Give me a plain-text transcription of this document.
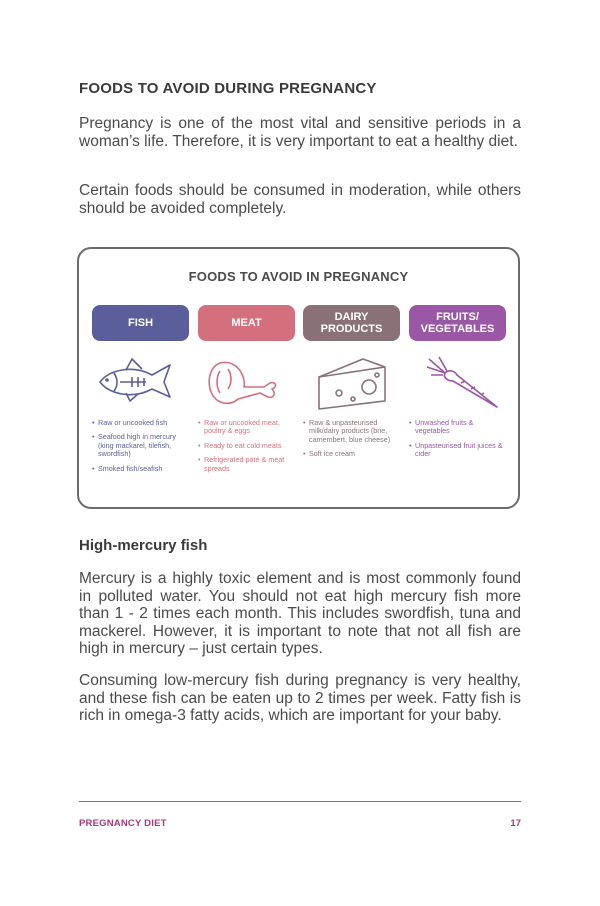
FOODS TO AVOID DURING PREGNANCY

Pregnancy is one of the most vital and sensitive periods in a woman’s life. Therefore, it is very important to eat a healthy diet.

Certain foods should be consumed in moderation, while others should be avoided completely.

FOODS TO AVOID IN PREGNANCY
FISH	MEAT	DAIRY PRODUCTS
FRUITS/ VEGETABLES
• Raw or uncooked fish
• Seafood high in mercury (king mackarel, tilefish, swordfish)
• Smoked fish/seafish
• Raw or uncooked meat, poultry & eggs
• Ready to eat cold meats
• Refrigerated paté & meat spreads
• Raw & unpasteurised milk/dairy products (brie, camembert, blue cheese)
• Soft ice cream
• Unwashed fruits & vegetables
• Unpasteurised fruit juices & cider
High-mercury fish

Mercury is a highly toxic element and is most commonly found in polluted water. You should not eat high mercury fish more than 1 - 2 times each month. This includes swordfish, tuna and mackerel. However, it is important to note that not all fish are high in mercury – just certain types.

Consuming low-mercury fish during pregnancy is very healthy, and these fish can be eaten up to 2 times per week. Fatty fish is rich in omega-3 fatty acids, which are important for your baby.

PREGNANCY DIET	17
